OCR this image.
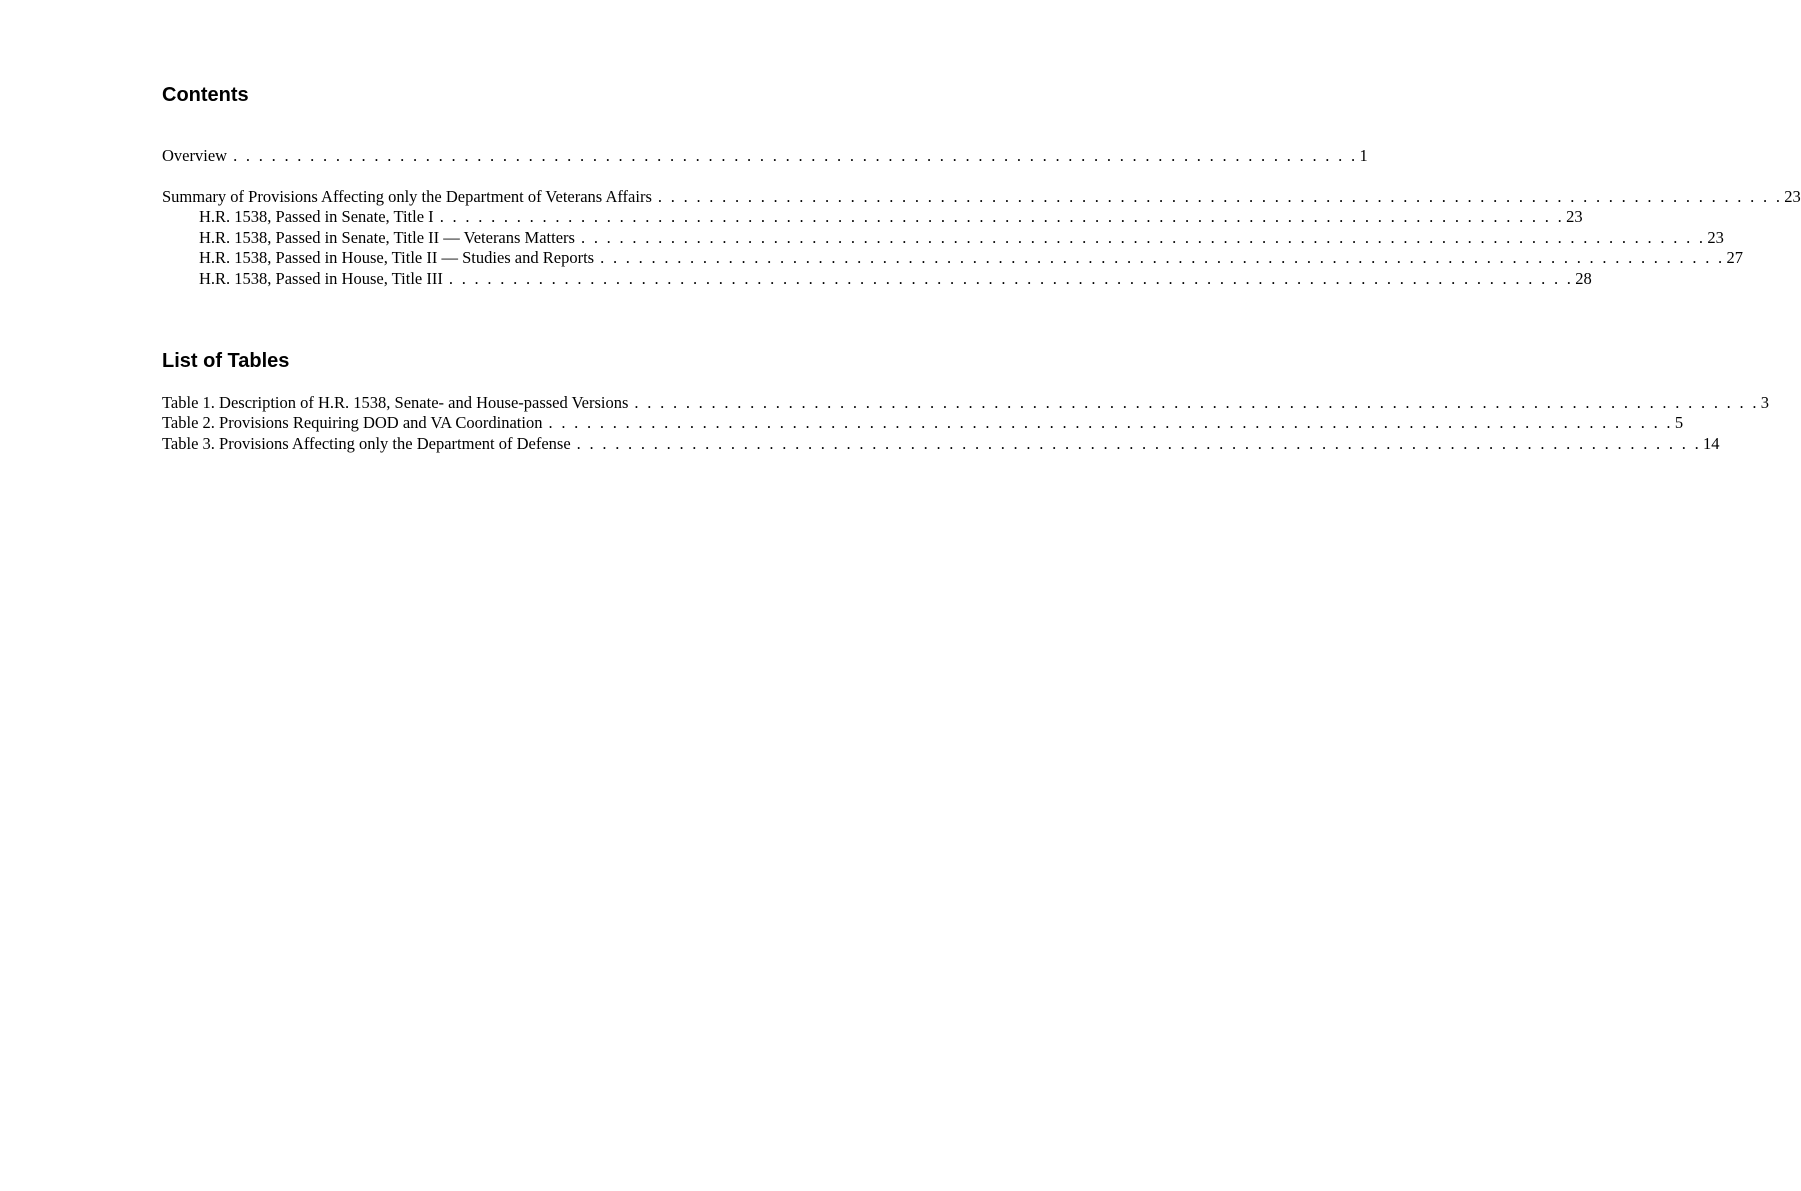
Contents
Overview . . . . . . . . . . . . . . . . . . . . . . . . . . . . . . . . . . . . . . . . . . . . . . . . . . . . . . . . . . . . . . . . . . . . . . . . . . . . . . . . . . . . . . . . 1
Summary of Provisions Affecting only the Department of Veterans Affairs . . . . . . . . . . . . . . . . . . . . . . . . . . . . . . . . . . . . . . . . . . . . . . . . . . . . . . . . . . . . . . . . . . . . . . . . . . . . . . . . . . . . . . . . 23
H.R. 1538, Passed in Senate, Title I . . . . . . . . . . . . . . . . . . . . . . . . . . . . . . . . . . . . . . . . . . . . . . . . . . . . . . . . . . . . . . . . . . . . . . . . . . . . . . . . . . . . . . . . 23
H.R. 1538, Passed in Senate, Title II — Veterans Matters . . . . . . . . . . . . . . . . . . . . . . . . . . . . . . . . . . . . . . . . . . . . . . . . . . . . . . . . . . . . . . . . . . . . . . . . . . . . . . . . . . . . . . . . 23
H.R. 1538, Passed in House, Title II — Studies and Reports . . . . . . . . . . . . . . . . . . . . . . . . . . . . . . . . . . . . . . . . . . . . . . . . . . . . . . . . . . . . . . . . . . . . . . . . . . . . . . . . . . . . . . . . 27
H.R. 1538, Passed in House, Title III . . . . . . . . . . . . . . . . . . . . . . . . . . . . . . . . . . . . . . . . . . . . . . . . . . . . . . . . . . . . . . . . . . . . . . . . . . . . . . . . . . . . . . . . 28
List of Tables
Table 1. Description of H.R. 1538, Senate- and House-passed Versions . . . . . . . . . . . . . . . . . . . . . . . . . . . . . . . . . . . . . . . . . . . . . . . . . . . . . . . . . . . . . . . . . . . . . . . . . . . . . . . . . . . . . . . . 3
Table 2. Provisions Requiring DOD and VA Coordination . . . . . . . . . . . . . . . . . . . . . . . . . . . . . . . . . . . . . . . . . . . . . . . . . . . . . . . . . . . . . . . . . . . . . . . . . . . . . . . . . . . . . . . . 5
Table 3. Provisions Affecting only the Department of Defense . . . . . . . . . . . . . . . . . . . . . . . . . . . . . . . . . . . . . . . . . . . . . . . . . . . . . . . . . . . . . . . . . . . . . . . . . . . . . . . . . . . . . . . . 14
